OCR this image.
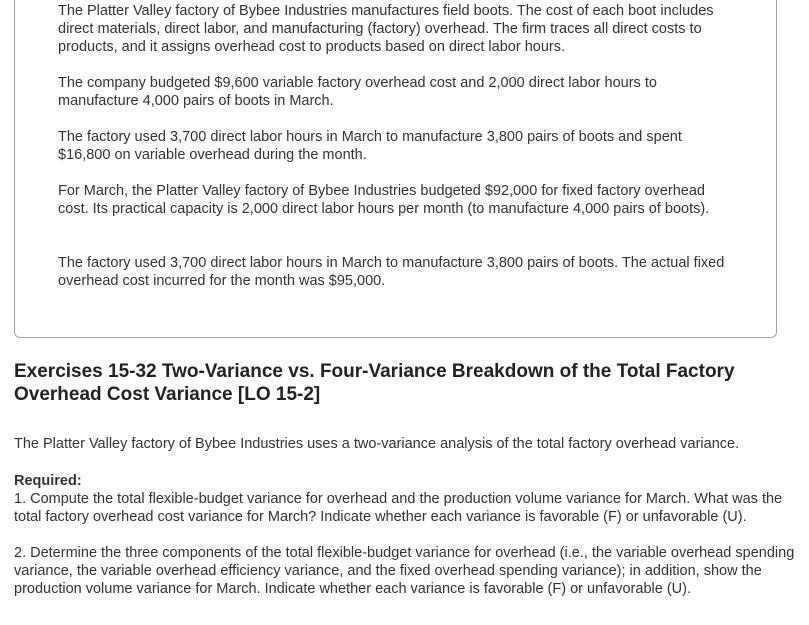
The Platter Valley factory of Bybee Industries manufactures field boots. The cost of each boot includes direct materials, direct labor, and manufacturing (factory) overhead. The firm traces all direct costs to products, and it assigns overhead cost to products based on direct labor hours.

The company budgeted $9,600 variable factory overhead cost and 2,000 direct labor hours to manufacture 4,000 pairs of boots in March.

The factory used 3,700 direct labor hours in March to manufacture 3,800 pairs of boots and spent $16,800 on variable overhead during the month.

For March, the Platter Valley factory of Bybee Industries budgeted $92,000 for fixed factory overhead cost. Its practical capacity is 2,000 direct labor hours per month (to manufacture 4,000 pairs of boots).

The factory used 3,700 direct labor hours in March to manufacture 3,800 pairs of boots. The actual fixed overhead cost incurred for the month was $95,000.

Exercises 15-32 Two-Variance vs. Four-Variance Breakdown of the Total Factory Overhead Cost Variance [LO 15-2]

The Platter Valley factory of Bybee Industries uses a two-variance analysis of the total factory overhead variance.

Required:

1. Compute the total flexible-budget variance for overhead and the production volume variance for March. What was the total factory overhead cost variance for March? Indicate whether each variance is favorable (F) or unfavorable (U).

2. Determine the three components of the total flexible-budget variance for overhead (i.e., the variable overhead spending variance, the variable overhead efficiency variance, and the fixed overhead spending variance); in addition, show the production volume variance for March. Indicate whether each variance is favorable (F) or unfavorable (U).
